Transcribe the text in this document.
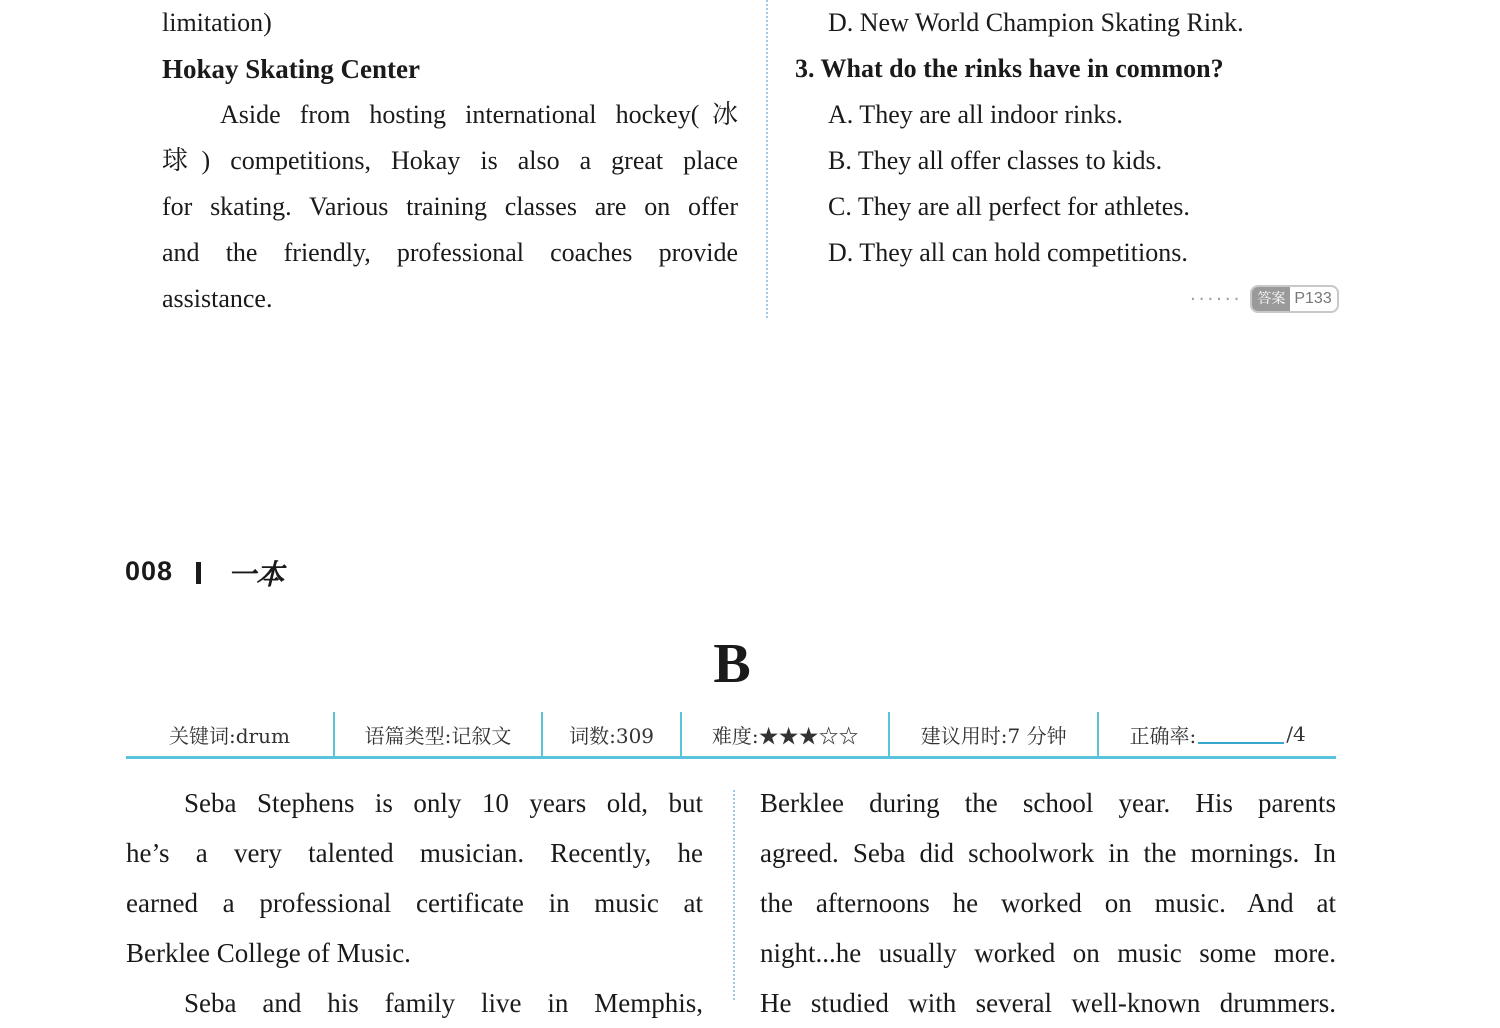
limitation)
Hokay Skating Center
Aside from hosting international hockey(冰
球) competitions, Hokay is also a great place
for skating. Various training classes are on offer
and the friendly, professional coaches provide
assistance.
D. New World Champion Skating Rink.
3. What do the rinks have in common?
A. They are all indoor rinks.
B. They all offer classes to kids.
C. They are all perfect for athletes.
D. They all can hold competitions.
······	答案 P133
008 一本
B
关键词:drum	语篇类型:记叙文	词数:309	难度:★★★☆☆	建议用时:7 分钟	正确率:	/4
Seba Stephens is only 10 years old, but
he’s a very talented musician. Recently, he
earned a professional certificate in music at
Berklee College of Music.
Seba and his family live in Memphis,
Berklee during the school year. His parents
agreed. Seba did schoolwork in the mornings. In
the afternoons he worked on music. And at
night...he usually worked on music some more.
He studied with several well-known drummers.
